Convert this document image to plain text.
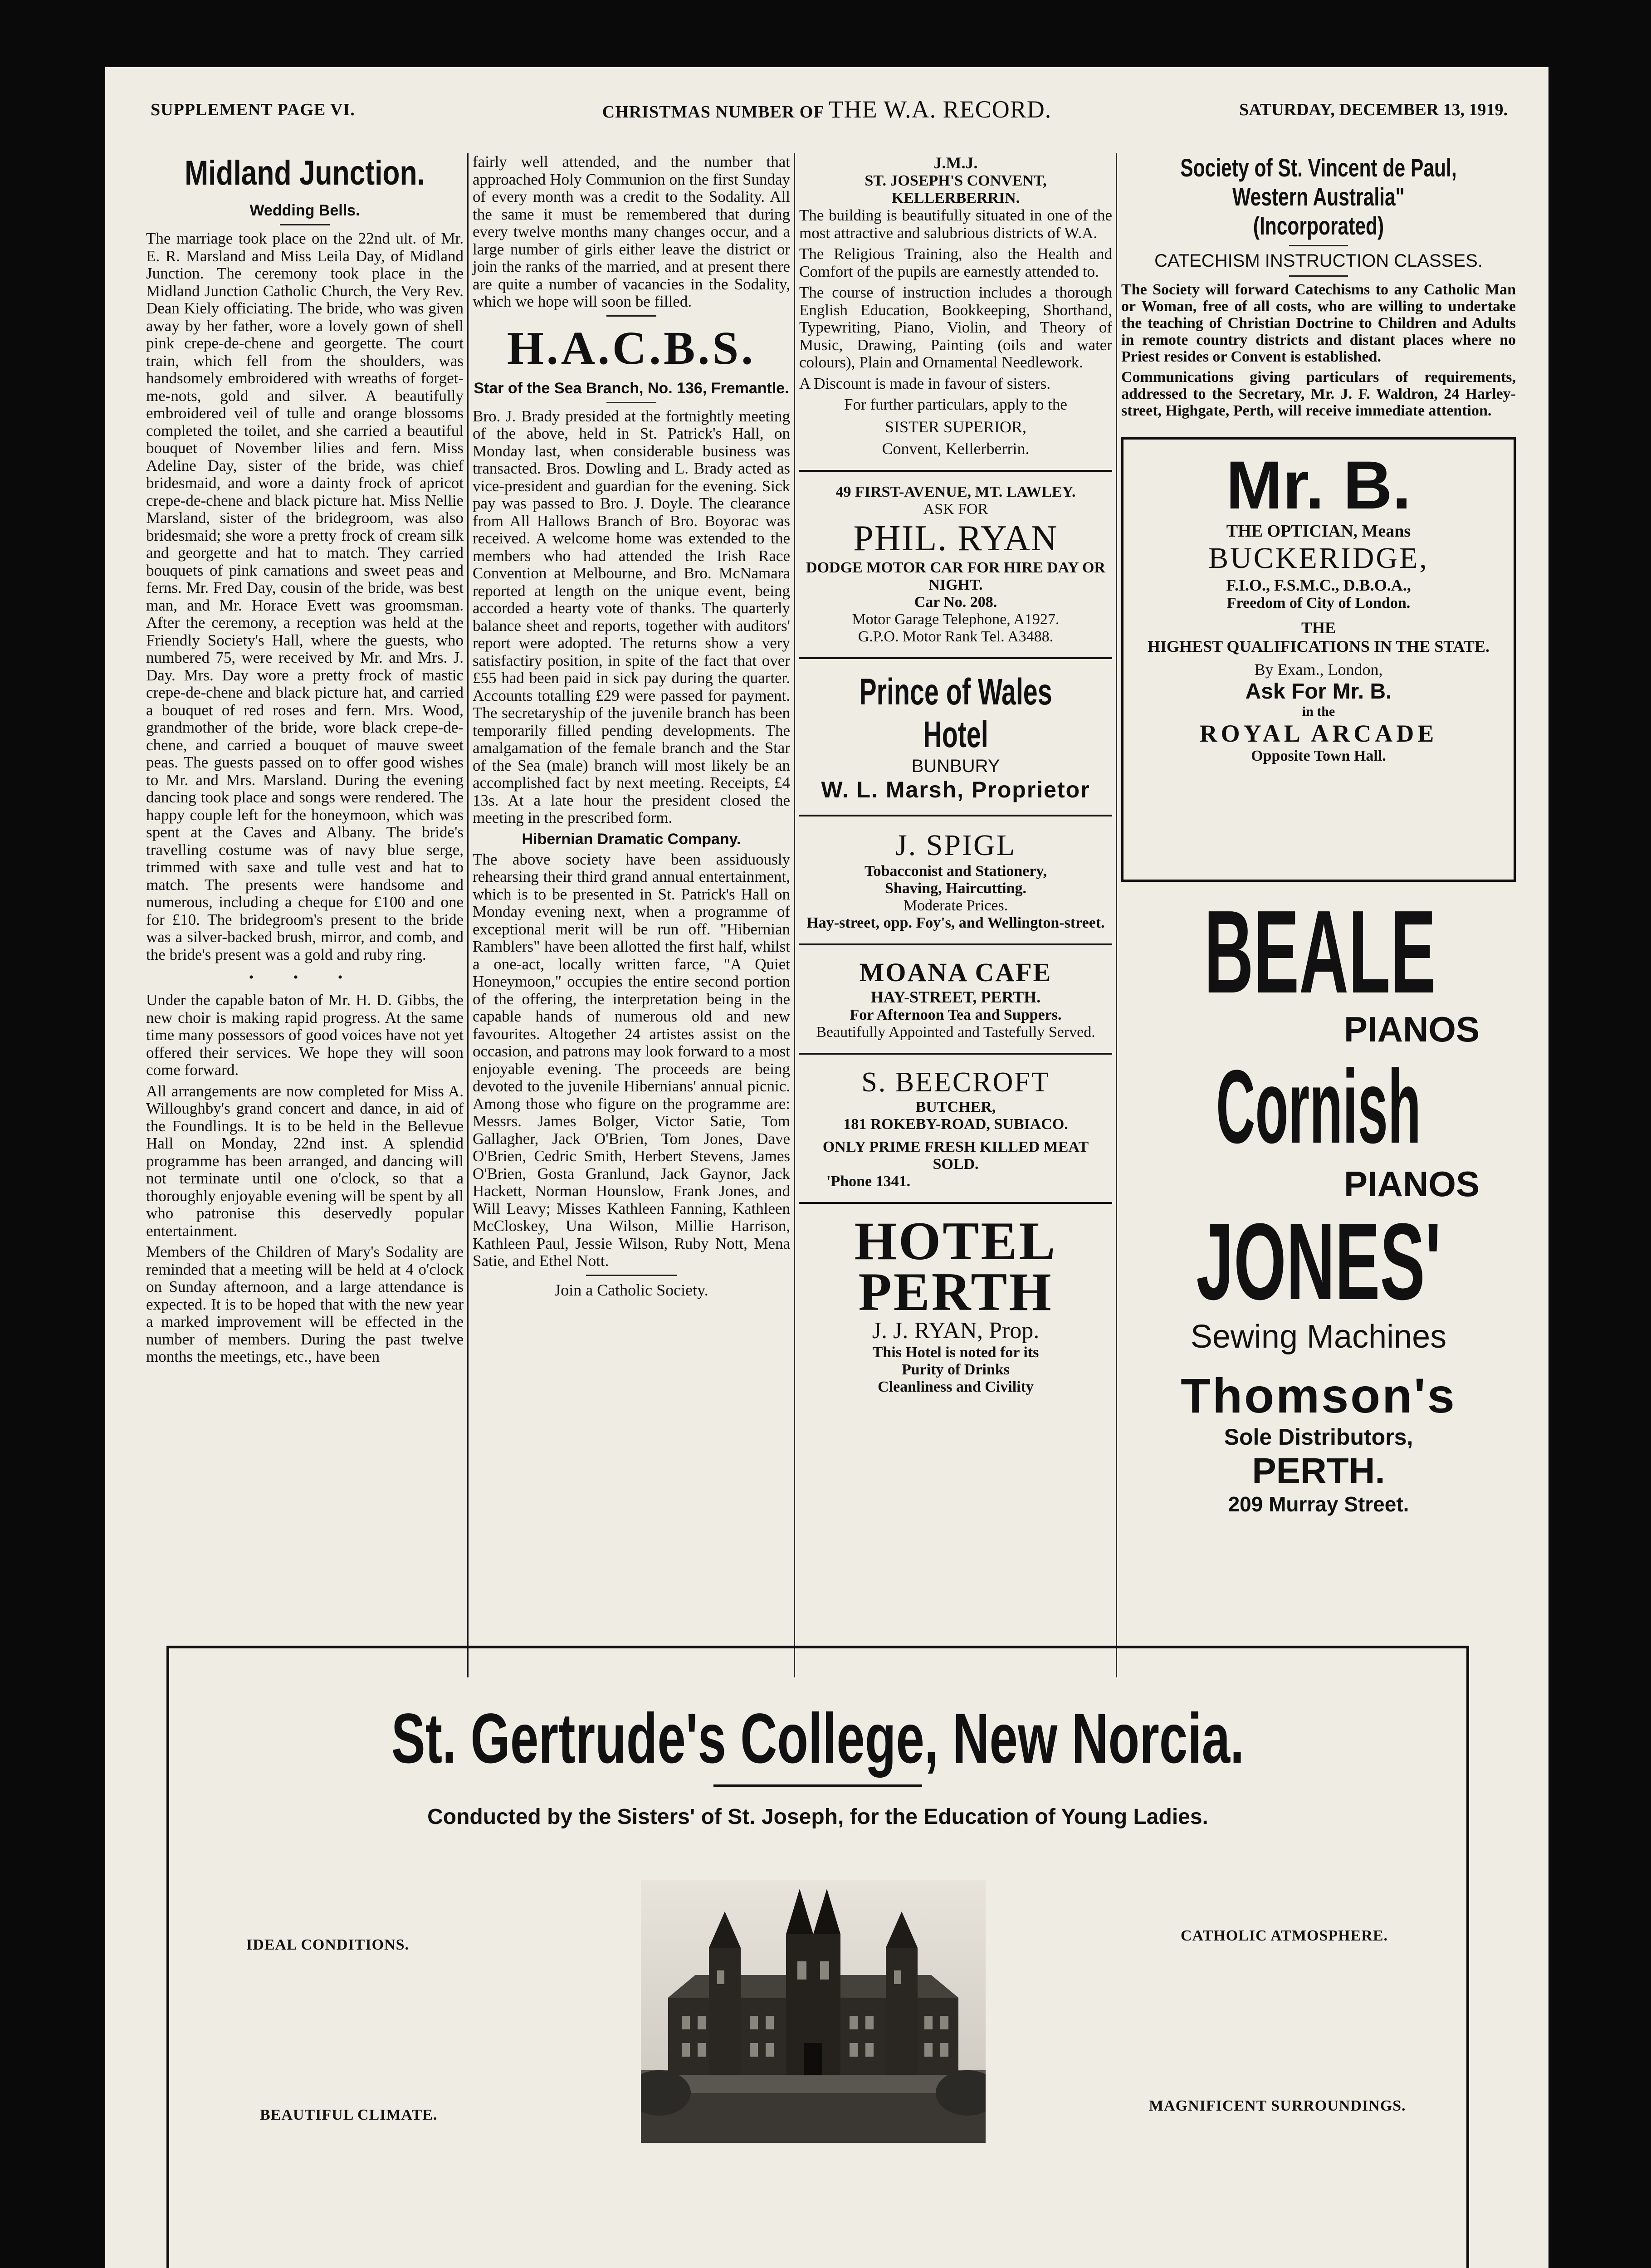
SUPPLEMENT PAGE VI.	CHRISTMAS NUMBER OF THE W.A. RECORD.	SATURDAY, DECEMBER 13, 1919.
Midland Junction.
Wedding Bells.

The marriage took place on the 22nd ult. of Mr. E. R. Marsland and Miss Leila Day, of Midland Junction. The ceremony took place in the Midland Junction Catholic Church, the Very Rev. Dean Kiely officiating. The bride, who was given away by her father, wore a lovely gown of shell pink crepe-de-chene and georgette. The court train, which fell from the shoulders, was handsomely embroidered with wreaths of forget-me-nots, gold and silver. A beautifully embroidered veil of tulle and orange blossoms completed the toilet, and she carried a beautiful bouquet of November lilies and fern. Miss Adeline Day, sister of the bride, was chief bridesmaid, and wore a dainty frock of apricot crepe-de-chene and black picture hat. Miss Nellie Marsland, sister of the bridegroom, was also bridesmaid; she wore a pretty frock of cream silk and georgette and hat to match. They carried bouquets of pink carnations and sweet peas and ferns. Mr. Fred Day, cousin of the bride, was best man, and Mr. Horace Evett was groomsman. After the ceremony, a reception was held at the Friendly Society's Hall, where the guests, who numbered 75, were received by Mr. and Mrs. J. Day. Mrs. Day wore a pretty frock of mastic crepe-de-chene and black picture hat, and carried a bouquet of red roses and fern. Mrs. Wood, grandmother of the bride, wore black crepe-de-chene, and carried a bouquet of mauve sweet peas. The guests passed on to offer good wishes to Mr. and Mrs. Marsland. During the evening dancing took place and songs were rendered. The happy couple left for the honeymoon, which was spent at the Caves and Albany. The bride's travelling costume was of navy blue serge, trimmed with saxe and tulle vest and hat to match. The presents were handsome and numerous, including a cheque for £100 and one for £10. The bridegroom's present to the bride was a silver-backed brush, mirror, and comb, and the bride's present was a gold and ruby ring.

• • •

Under the capable baton of Mr. H. D. Gibbs, the new choir is making rapid progress. At the same time many possessors of good voices have not yet offered their services. We hope they will soon come forward.

All arrangements are now completed for Miss A. Willoughby's grand concert and dance, in aid of the Foundlings. It is to be held in the Bellevue Hall on Monday, 22nd inst. A splendid programme has been arranged, and dancing will not terminate until one o'clock, so that a thoroughly enjoyable evening will be spent by all who patronise this deservedly popular entertainment.

Members of the Children of Mary's Sodality are reminded that a meeting will be held at 4 o'clock on Sunday afternoon, and a large attendance is expected. It is to be hoped that with the new year a marked improvement will be effected in the number of members. During the past twelve months the meetings, etc., have been

fairly well attended, and the number that approached Holy Communion on the first Sunday of every month was a credit to the Sodality. All the same it must be remembered that during every twelve months many changes occur, and a large number of girls either leave the district or join the ranks of the married, and at present there are quite a number of vacancies in the Sodality, which we hope will soon be filled.

H.A.C.B.S.
Star of the Sea Branch, No. 136, Fremantle.

Bro. J. Brady presided at the fortnightly meeting of the above, held in St. Patrick's Hall, on Monday last, when considerable business was transacted. Bros. Dowling and L. Brady acted as vice-president and guardian for the evening. Sick pay was passed to Bro. J. Doyle. The clearance from All Hallows Branch of Bro. Boyorac was received. A welcome home was extended to the members who had attended the Irish Race Convention at Melbourne, and Bro. McNamara reported at length on the unique event, being accorded a hearty vote of thanks. The quarterly balance sheet and reports, together with auditors' report were adopted. The returns show a very satisfactiry position, in spite of the fact that over £55 had been paid in sick pay during the quarter. Accounts totalling £29 were passed for payment. The secretaryship of the juvenile branch has been temporarily filled pending developments. The amalgamation of the female branch and the Star of the Sea (male) branch will most likely be an accomplished fact by next meeting. Receipts, £4 13s. At a late hour the president closed the meeting in the prescribed form.

Hibernian Dramatic Company.

The above society have been assiduously rehearsing their third grand annual entertainment, which is to be presented in St. Patrick's Hall on Monday evening next, when a programme of exceptional merit will be run off. "Hibernian Ramblers" have been allotted the first half, whilst a one-act, locally written farce, "A Quiet Honeymoon," occupies the entire second portion of the offering, the interpretation being in the capable hands of numerous old and new favourites. Altogether 24 artistes assist on the occasion, and patrons may look forward to a most enjoyable evening. The proceeds are being devoted to the juvenile Hibernians' annual picnic. Among those who figure on the programme are: Messrs. James Bolger, Victor Satie, Tom Gallagher, Jack O'Brien, Tom Jones, Dave O'Brien, Cedric Smith, Herbert Stevens, James O'Brien, Gosta Granlund, Jack Gaynor, Jack Hackett, Norman Hounslow, Frank Jones, and Will Leavy; Misses Kathleen Fanning, Kathleen McCloskey, Una Wilson, Millie Harrison, Kathleen Paul, Jessie Wilson, Ruby Nott, Mena Satie, and Ethel Nott.

Join a Catholic Society.
J.M.J.
ST. JOSEPH'S CONVENT, KELLERBERRIN.

The building is beautifully situated in one of the most attractive and salubrious districts of W.A.

The Religious Training, also the Health and Comfort of the pupils are earnestly attended to.

The course of instruction includes a thorough English Education, Bookkeeping, Shorthand, Typewriting, Piano, Violin, and Theory of Music, Drawing, Painting (oils and water colours), Plain and Ornamental Needlework.

A Discount is made in favour of sisters.

For further particulars, apply to the

SISTER SUPERIOR,
Convent, Kellerberrin.
49 FIRST-AVENUE, MT. LAWLEY.
ASK FOR
PHIL. RYAN
DODGE MOTOR CAR FOR HIRE DAY OR NIGHT.
Car No. 208.
Motor Garage Telephone, A1927.
G.P.O. Motor Rank Tel. A3488.
Prince of Wales Hotel
BUNBURY
W. L. Marsh, Proprietor
J. SPIGL
Tobacconist and Stationery,
Shaving, Haircutting.
Moderate Prices.
Hay-street, opp. Foy's, and Wellington-street.
MOANA CAFE
HAY-STREET, PERTH.
For Afternoon Tea and Suppers.
Beautifully Appointed and Tastefully Served.
S. BEECROFT
BUTCHER,
181 ROKEBY-ROAD, SUBIACO.
ONLY PRIME FRESH KILLED MEAT SOLD.
'Phone 1341.
HOTEL
PERTH
J. J. RYAN, Prop.
This Hotel is noted for its
Purity of Drinks
Cleanliness and Civility
Society of St. Vincent de Paul, Western Australia" (Incorporated)
CATECHISM INSTRUCTION CLASSES.

The Society will forward Catechisms to any Catholic Man or Woman, free of all costs, who are willing to undertake the teaching of Christian Doctrine to Children and Adults in remote country districts and distant places where no Priest resides or Convent is established.

Communications giving particulars of requirements, addressed to the Secretary, Mr. J. F. Waldron, 24 Harley-street, Highgate, Perth, will receive immediate attention.

Mr. B.
THE OPTICIAN, Means
BUCKERIDGE,
F.I.O., F.S.M.C., D.B.O.A.,
Freedom of City of London.
THE
HIGHEST QUALIFICATIONS IN THE STATE.
By Exam., London,
Ask For Mr. B.
in the
ROYAL ARCADE
Opposite Town Hall.
BEALE
PIANOS
Cornish
PIANOS
JONES'
Sewing Machines
Thomson's
Sole Distributors,
PERTH.
209 Murray Street.
St. Gertrude's College, New Norcia.
Conducted by the Sisters' of St. Joseph, for the Education of Young Ladies.
IDEAL CONDITIONS.
BEAUTIFUL CLIMATE.
CATHOLIC ATMOSPHERE.
MAGNIFICENT SURROUNDINGS.
